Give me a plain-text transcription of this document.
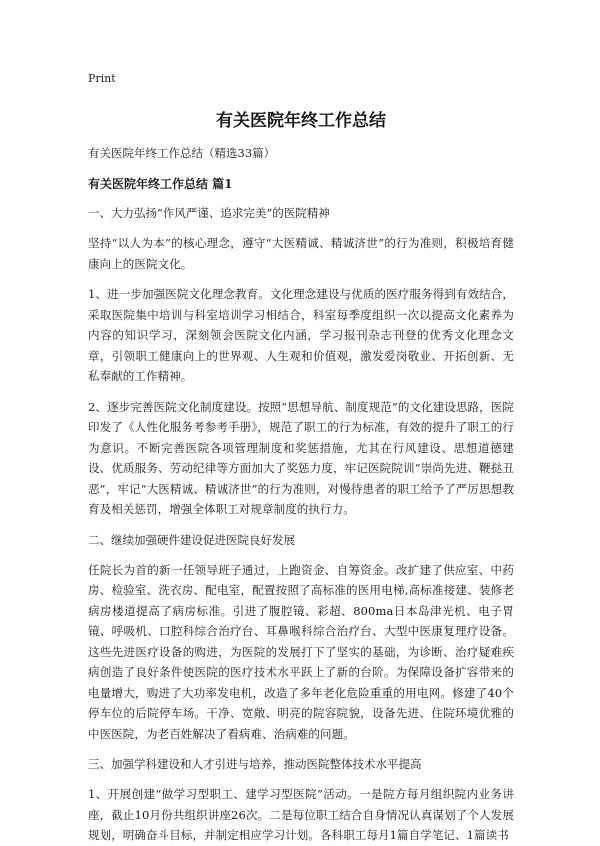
Print
有关医院年终工作总结
有关医院年终工作总结（精选33篇）
有关医院年终工作总结 篇1
一、大力弘扬“作风严谨、追求完美”的医院精神
坚持“以人为本”的核心理念，遵守“大医精诚、精诚济世”的行为准则，积极培育健康向上的医院文化。
1、进一步加强医院文化理念教育。文化理念建设与优质的医疗服务得到有效结合，采取医院集中培训与科室培训学习相结合，科室每季度组织一次以提高文化素养为内容的知识学习，深刻领会医院文化内涵，学习报刊杂志刊登的优秀文化理念文章，引领职工健康向上的世界观、人生观和价值观，激发爱岗敬业、开拓创新、无私奉献的工作精神。
2、逐步完善医院文化制度建设。按照“思想导航、制度规范”的文化建设思路，医院印发了《人性化服务考参考手册》，规范了职工的行为标准，有效的提升了职工的行为意识。不断完善医院各项管理制度和奖惩措施，尤其在行风建设、思想道德建设、优质服务、劳动纪律等方面加大了奖惩力度，牢记医院院训“崇尚先进、鞭挞丑恶”，牢记“大医精诚、精诚济世”的行为准则，对慢待患者的职工给予了严厉思想教育及相关惩罚，增强全体职工对规章制度的执行力。
二、继续加强硬件建设促进医院良好发展
任院长为首的新一任领导班子通过，上跑资金、自筹资金。改扩建了供应室、中药房、检验室、洗衣房、配电室，配置按照了高标准的医用电梯,高标准接建、装修老病房楼道提高了病房标准。引进了腹腔镜、彩超、800ma日本岛津光机、电子胃镜、呼吸机、口腔科综合治疗台、耳鼻喉科综合治疗台、大型中医康复理疗设备。这些先进医疗设备的购进，为医院的发展打下了坚实的基础，为诊断、治疗疑难疾病创造了良好条件使医院的医疗技术水平跃上了新的台阶。为保障设备扩容带来的电量增大，购进了大功率发电机，改造了多年老化危险重重的用电网。修建了40个停车位的后院停车场。干净、宽敞、明亮的院容院貌，设备先进、住院环境优雅的中医医院，为老百姓解决了看病难、治病难的问题。
三、加强学科建设和人才引进与培养，推动医院整体技术水平提高
1、开展创建“做学习型职工、建学习型医院”活动。一是院方每月组织院内业务讲座，截止10月份共组织讲座26次。二是每位职工结合自身情况认真谋划了个人发展规划，明确奋斗目标，并制定相应学习计划。各科职工每月1篇自学笔记、1篇读书
